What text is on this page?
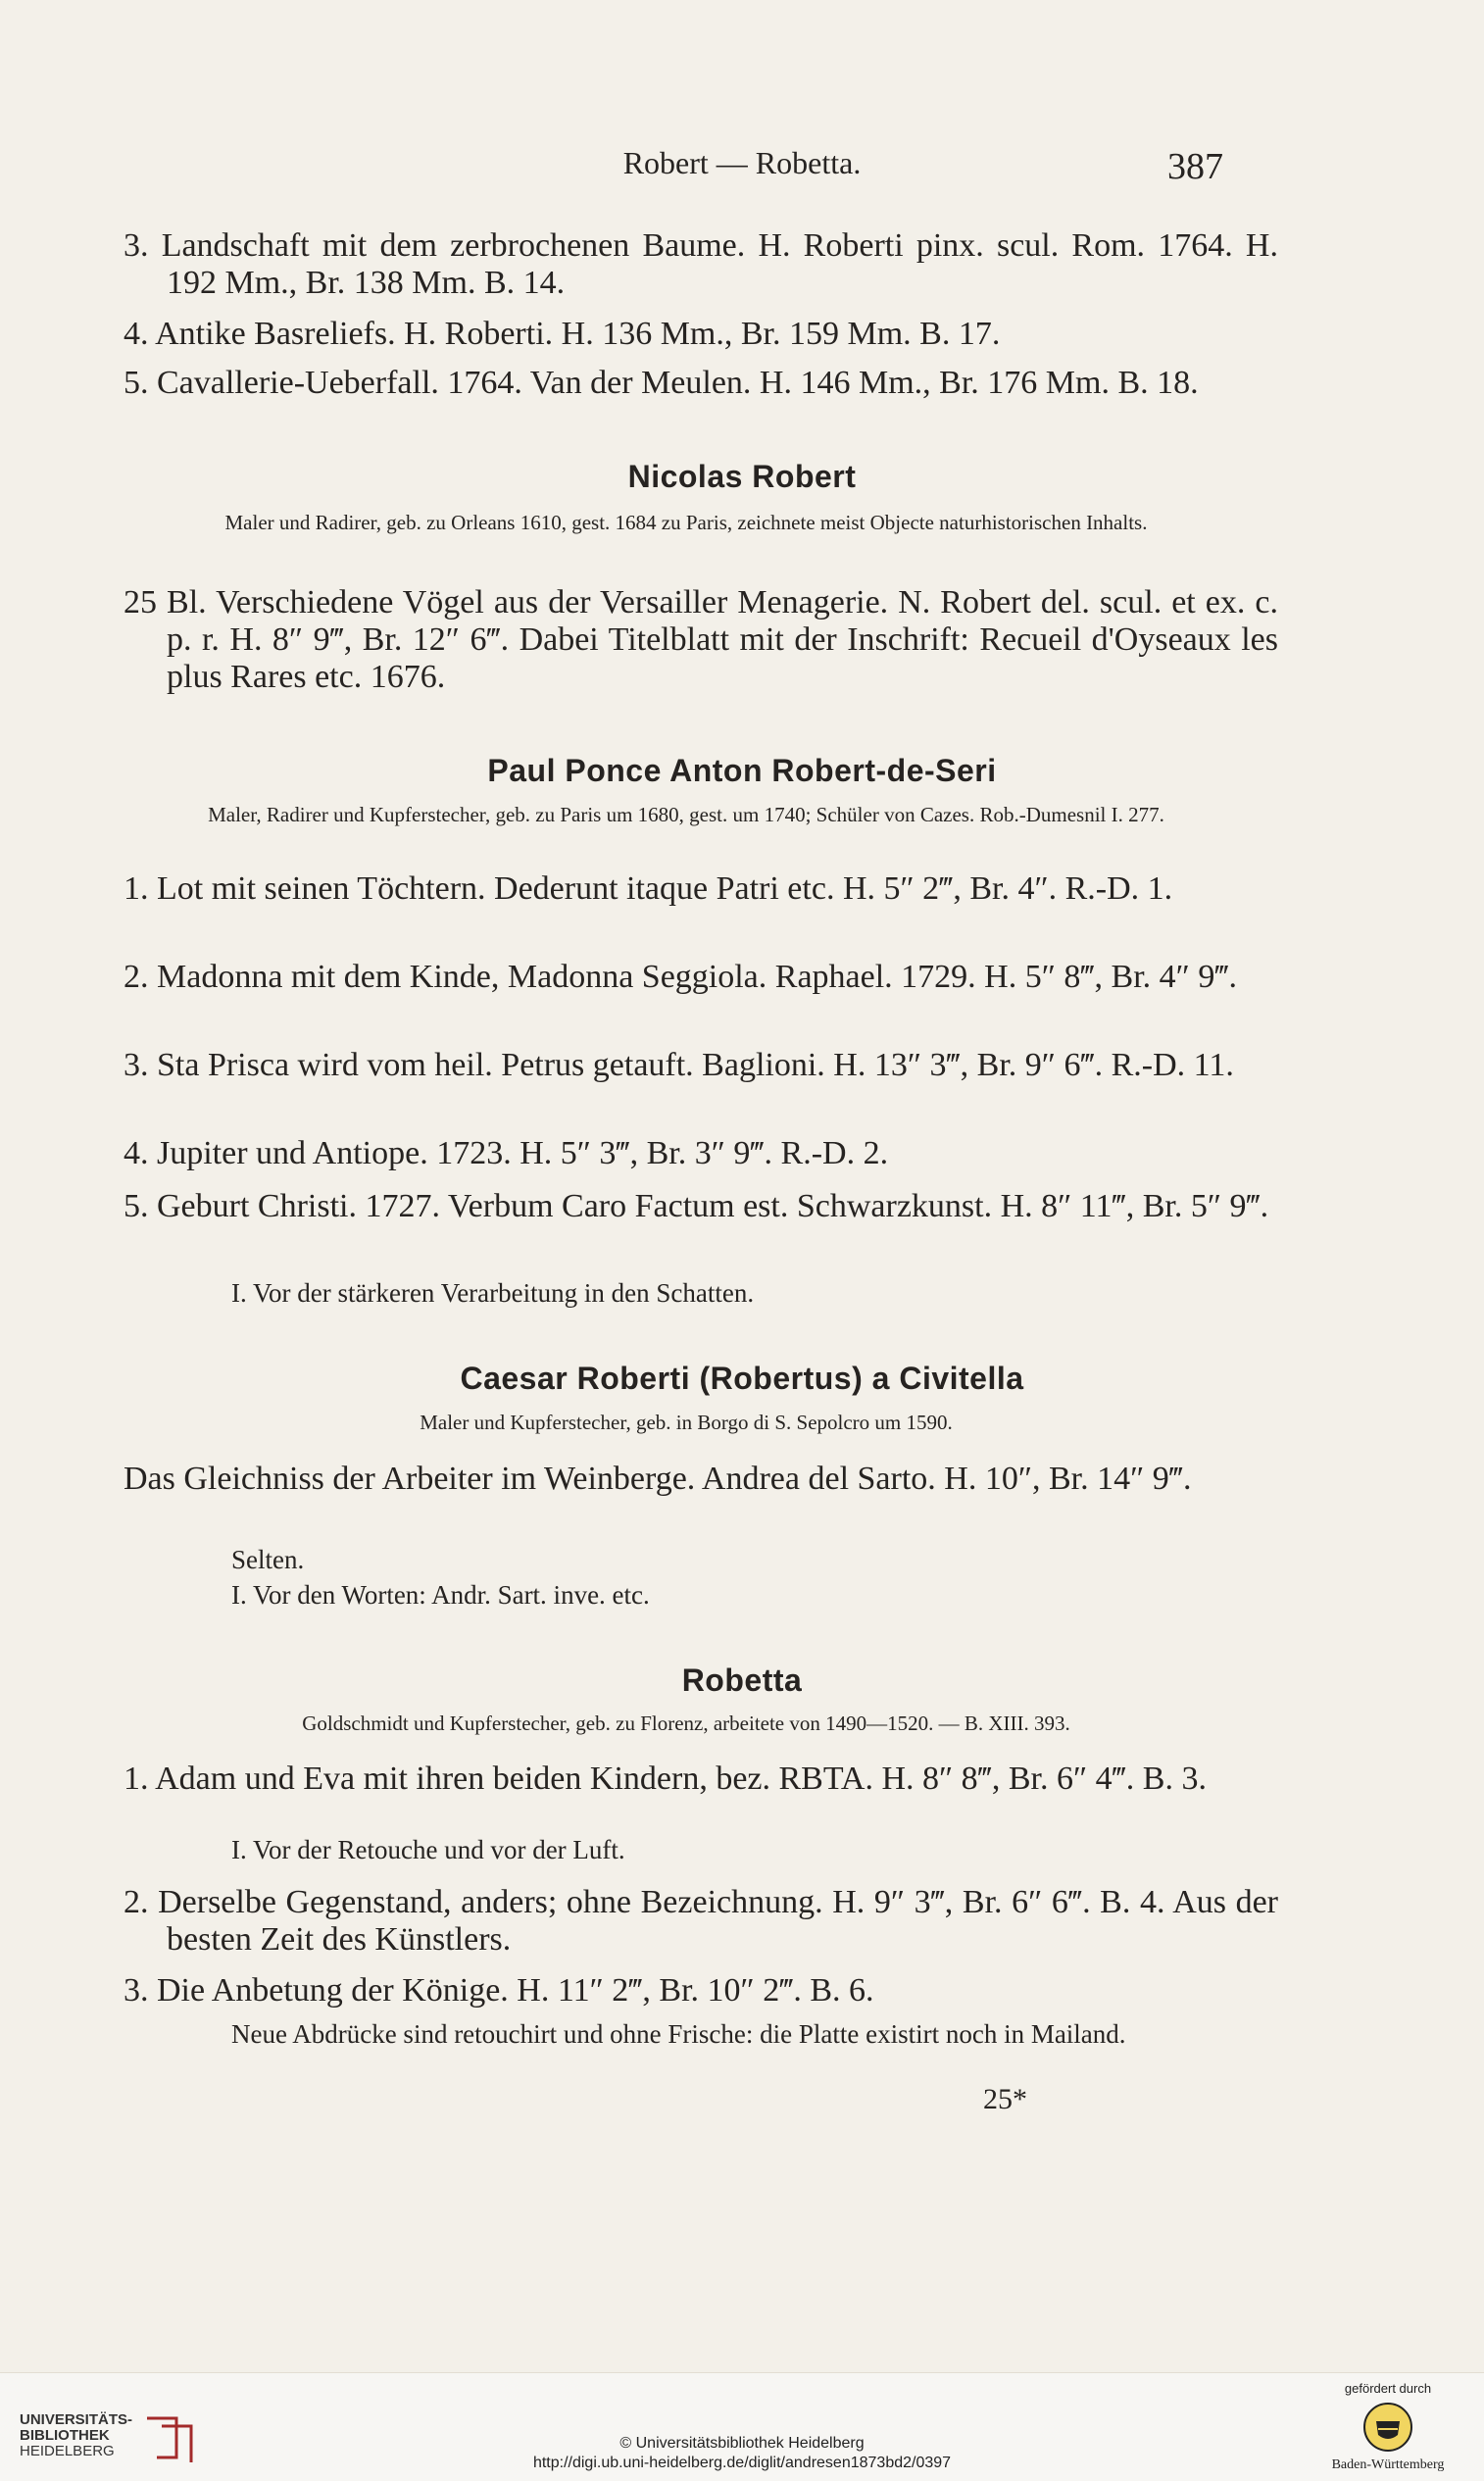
Robert — Robetta.	387
3. Landschaft mit dem zerbrochenen Baume. H. Roberti pinx. scul. Rom. 1764. H. 192 Mm., Br. 138 Mm. B. 14.
4. Antike Basreliefs. H. Roberti. H. 136 Mm., Br. 159 Mm. B. 17.
5. Cavallerie-Ueberfall. 1764. Van der Meulen. H. 146 Mm., Br. 176 Mm. B. 18.
Nicolas Robert
Maler und Radirer, geb. zu Orleans 1610, gest. 1684 zu Paris, zeichnete meist Objecte naturhistorischen Inhalts.
25 Bl. Verschiedene Vögel aus der Versailler Menagerie. N. Robert del. scul. et ex. c. p. r. H. 8″ 9‴, Br. 12″ 6‴. Dabei Titelblatt mit der Inschrift: Recueil d'Oyseaux les plus Rares etc. 1676.
Paul Ponce Anton Robert-de-Seri
Maler, Radirer und Kupferstecher, geb. zu Paris um 1680, gest. um 1740; Schüler von Cazes. Rob.-Dumesnil I. 277.
1. Lot mit seinen Töchtern. Dederunt itaque Patri etc. H. 5″ 2‴, Br. 4″. R.-D. 1.
2. Madonna mit dem Kinde, Madonna Seggiola. Raphael. 1729. H. 5″ 8‴, Br. 4″ 9‴.
3. Sta Prisca wird vom heil. Petrus getauft. Baglioni. H. 13″ 3‴, Br. 9″ 6‴. R.-D. 11.
4. Jupiter und Antiope. 1723. H. 5″ 3‴, Br. 3″ 9‴. R.-D. 2.
5. Geburt Christi. 1727. Verbum Caro Factum est. Schwarzkunst. H. 8″ 11‴, Br. 5″ 9‴.
I. Vor der stärkeren Verarbeitung in den Schatten.
Caesar Roberti (Robertus) a Civitella
Maler und Kupferstecher, geb. in Borgo di S. Sepolcro um 1590.
Das Gleichniss der Arbeiter im Weinberge. Andrea del Sarto. H. 10″, Br. 14″ 9‴.
Selten.
I. Vor den Worten: Andr. Sart. inve. etc.
Robetta
Goldschmidt und Kupferstecher, geb. zu Florenz, arbeitete von 1490—1520. — B. XIII. 393.
1. Adam und Eva mit ihren beiden Kindern, bez. RBTA. H. 8″ 8‴, Br. 6″ 4‴. B. 3.
I. Vor der Retouche und vor der Luft.
2. Derselbe Gegenstand, anders; ohne Bezeichnung. H. 9″ 3‴, Br. 6″ 6‴. B. 4. Aus der besten Zeit des Künstlers.
3. Die Anbetung der Könige. H. 11″ 2‴, Br. 10″ 2‴. B. 6.
Neue Abdrücke sind retouchirt und ohne Frische: die Platte existirt noch in Mailand.
25*
UNIVERSITÄTS-
BIBLIOTHEK
HEIDELBERG	© Universitätsbibliothek Heidelberg
http://digi.ub.uni-heidelberg.de/diglit/andresen1873bd2/0397
gefördert durch
Baden-Württemberg
